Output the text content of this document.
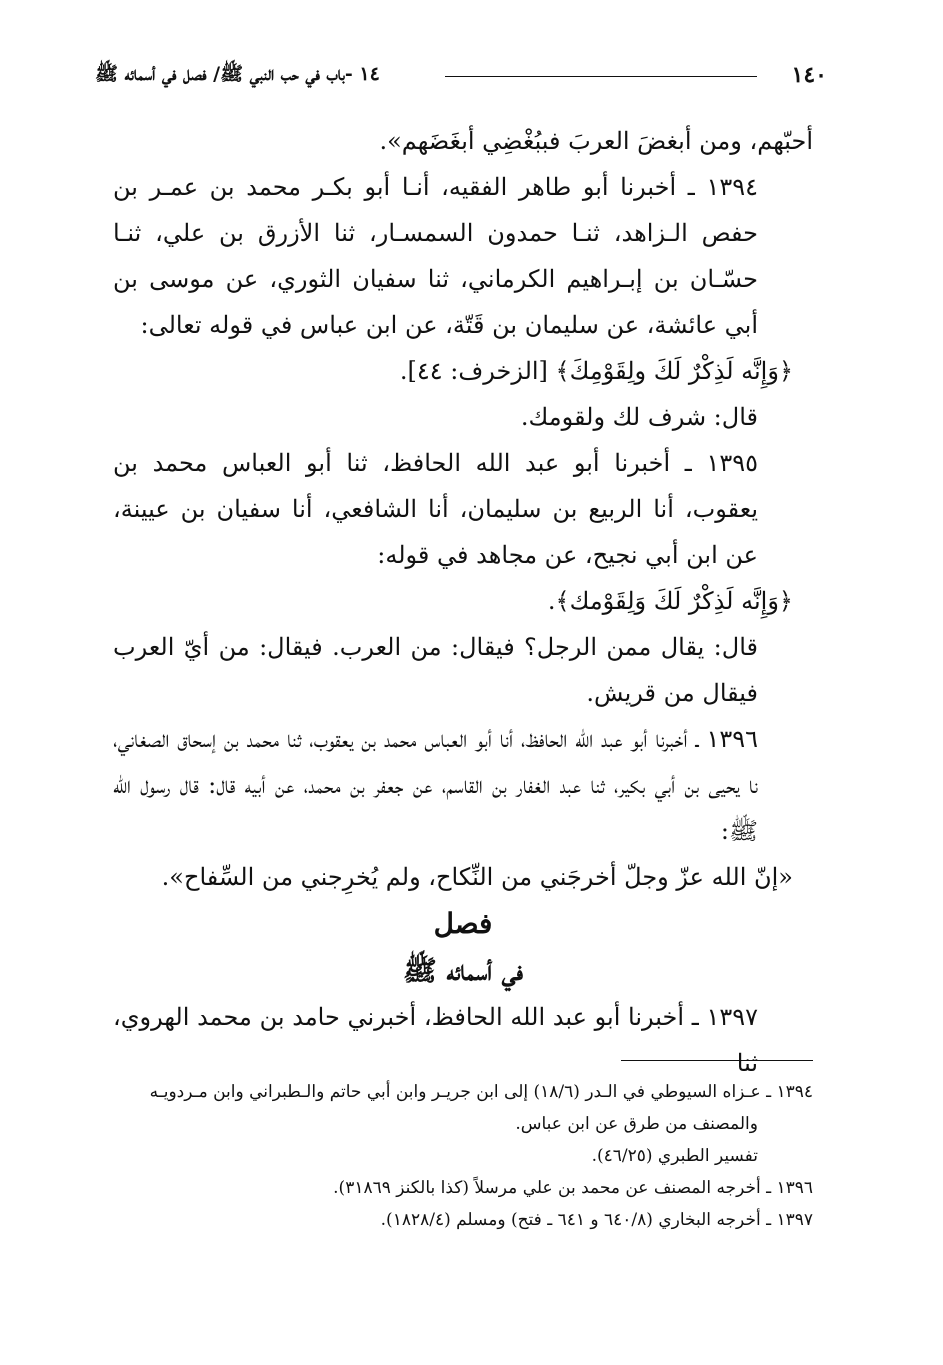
١٤٠
١٤ -باب في حب النبي ﷺ/ فصل في أسمائه ﷺ

أحبّهم، ومن أبغضَ العربَ فببُغْضِي أبغَضَهم».

١٣٩٤ ـ أخبرنا أبو طاهر الفقيه، أنـا أبو بكـر محمد بن عمـر بن حفص الـزاهد، ثنـا حمدون السمسـار، ثنا الأزرق بن علي، ثنـا حسّـان بن إبـراهيم الكرماني، ثنا سفيان الثوري، عن موسى بن أبي عائشة، عن سليمان بن قَتّة، عن ابن عباس في قوله تعالى:

﴿وَإِنَّه لَذِكْرٌ لَكَ ولِقَوْمِكَ﴾ [الزخرف: ٤٤].

قال: شرف لك ولقومك.

١٣٩٥ ـ أخبرنا أبو عبد الله الحافظ، ثنا أبو العباس محمد بن يعقوب، أنا الربيع بن سليمان، أنا الشافعي، أنا سفيان بن عيينة، عن ابن أبي نجيح، عن مجاهد في قوله:

﴿وَإِنَّه لَذِكْرٌ لَكَ وَلِقَوْمك﴾.

قال: يقال ممن الرجل؟ فيقال: من العرب. فيقال: من أيّ العرب فيقال من قريش.

١٣٩٦ ـ أخبرنا أبو عبد الله الحافظ، أنا أبو العباس محمد بن يعقوب، ثنا محمد بن إسحاق الصغاني، نا يحيى بن أبي بكير، ثنا عبد الغفار بن القاسم، عن جعفر بن محمد، عن أبيه قال: قال رسول الله ﷺ:

«إنّ الله عزّ وجلّ أخرجَني من النِّكاح، ولم يُخرِجني من السِّفاح».

فصل

في أسمائه ﷺ

١٣٩٧ ـ أخبرنا أبو عبد الله الحافظ، أخبرني حامد بن محمد الهروي، ثنا

١٣٩٤ ـ عـزاه السيوطي في الـدر (١٨/٦) إلى ابن جريـر وابن أبي حاتم والـطبراني وابن مـردويـه

والمصنف من طرق عن ابن عباس.

تفسير الطبري (٤٦/٢٥).

١٣٩٦ ـ أخرجه المصنف عن محمد بن علي مرسلاً (كذا بالكنز ٣١٨٦٩).

١٣٩٧ ـ أخرجه البخاري (٦٤٠/٨ و ٦٤١ ـ فتح) ومسلم (١٨٢٨/٤).
